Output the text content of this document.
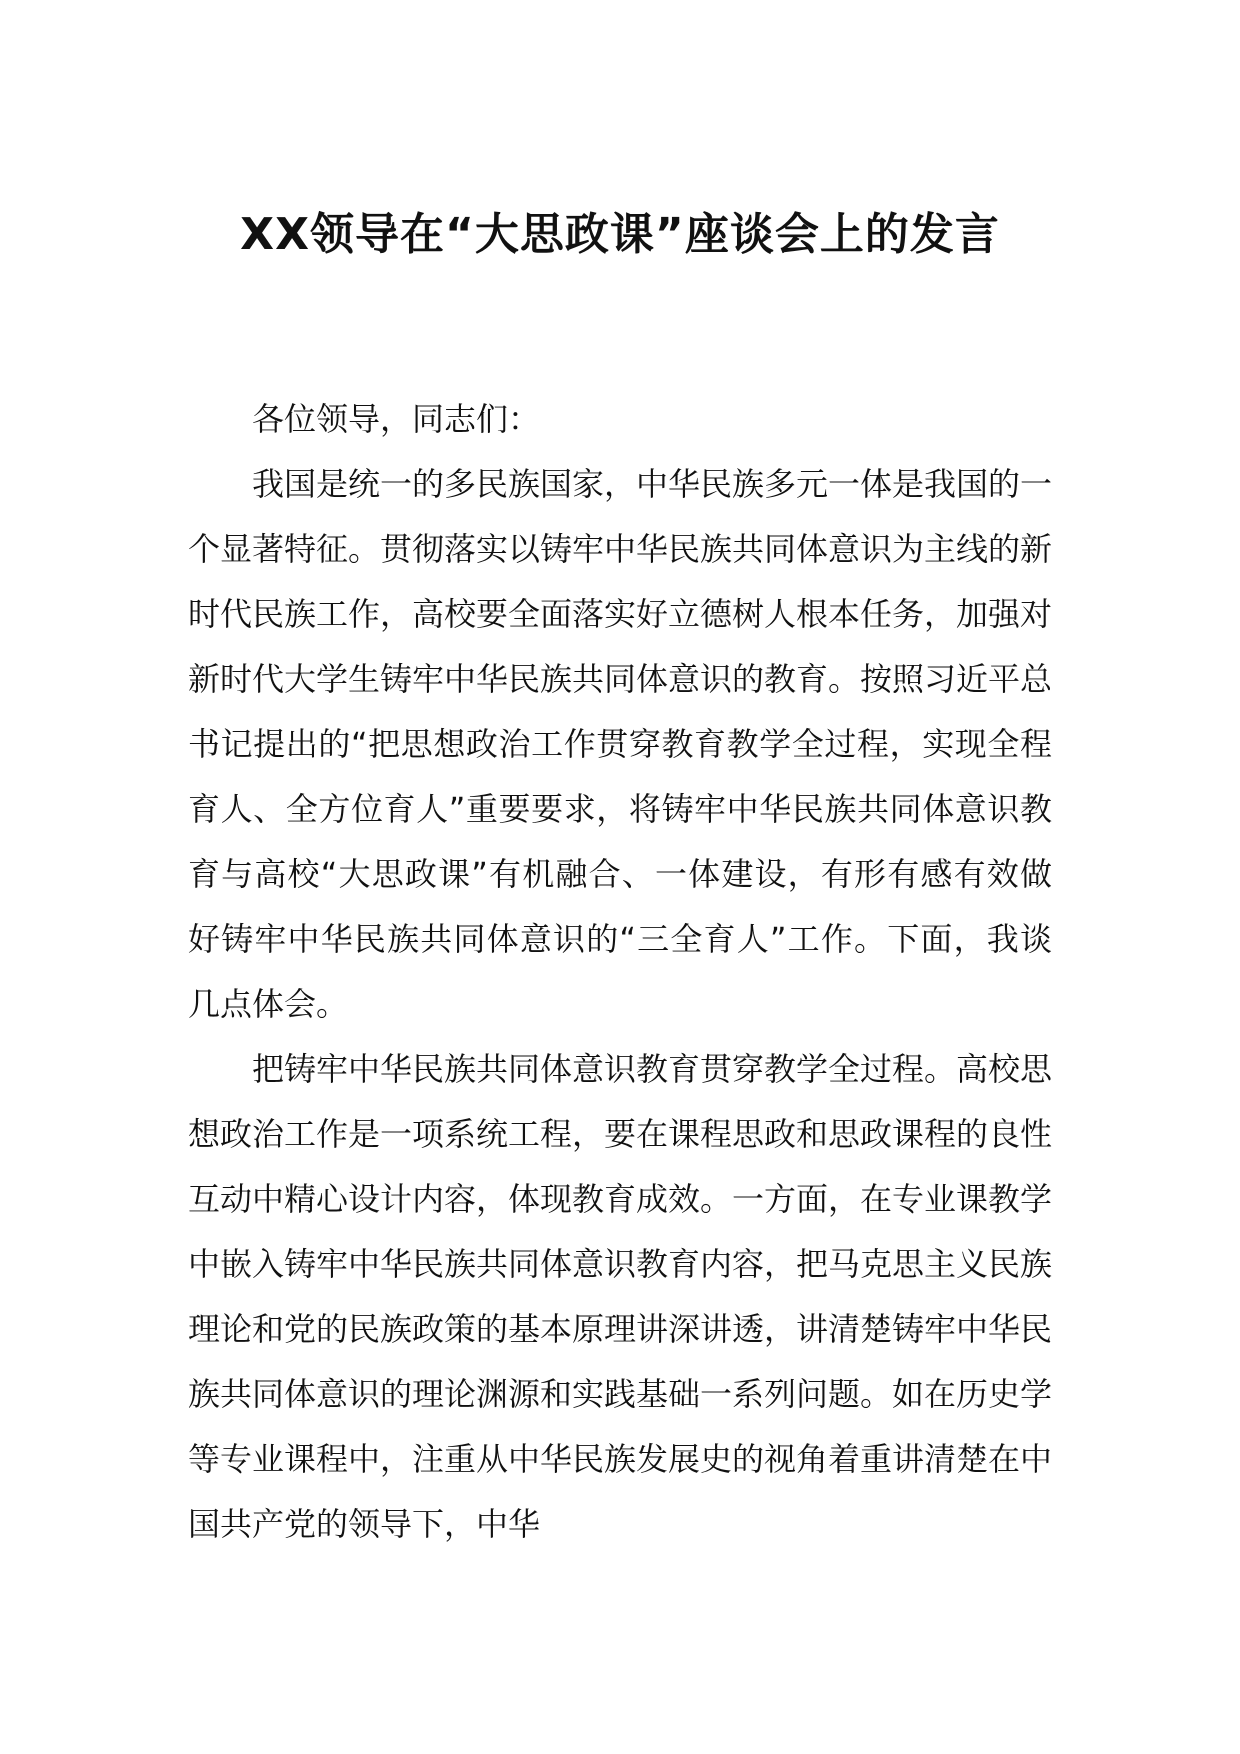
XX领导在“大思政课”座谈会上的发言

各位领导，同志们：

我国是统一的多民族国家，中华民族多元一体是我国的一个显著特征。贯彻落实以铸牢中华民族共同体意识为主线的新时代民族工作，高校要全面落实好立德树人根本任务，加强对新时代大学生铸牢中华民族共同体意识的教育。按照习近平总书记提出的“把思想政治工作贯穿教育教学全过程，实现全程育人、全方位育人”重要要求，将铸牢中华民族共同体意识教育与高校“大思政课”有机融合、一体建设，有形有感有效做好铸牢中华民族共同体意识的“三全育人”工作。下面，我谈几点体会。

把铸牢中华民族共同体意识教育贯穿教学全过程。高校思想政治工作是一项系统工程，要在课程思政和思政课程的良性互动中精心设计内容，体现教育成效。一方面，在专业课教学中嵌入铸牢中华民族共同体意识教育内容，把马克思主义民族理论和党的民族政策的基本原理讲深讲透，讲清楚铸牢中华民族共同体意识的理论渊源和实践基础一系列问题。如在历史学等专业课程中，注重从中华民族发展史的视角着重讲清楚在中国共产党的领导下，中华
